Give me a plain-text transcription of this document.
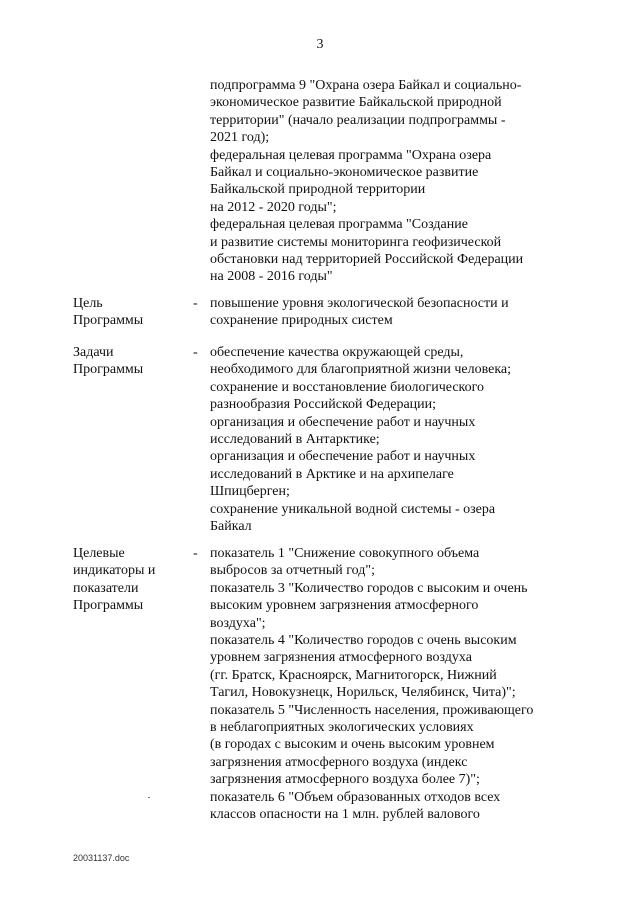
3
подпрограмма 9 "Охрана озера Байкал и социально-
экономическое развитие Байкальской природной
территории" (начало реализации подпрограммы -
2021 год);
федеральная целевая программа "Охрана озера
Байкал и социально-экономическое развитие
Байкальской природной территории
на 2012 - 2020 годы";
федеральная целевая программа "Создание
и развитие системы мониторинга геофизической
обстановки над территорией Российской Федерации
на 2008 - 2016 годы"
Цель
Программы
- повышение уровня экологической безопасности и
сохранение природных систем
Задачи
Программы
- обеспечение качества окружающей среды,
необходимого для благоприятной жизни человека;
сохранение и восстановление биологического
разнообразия Российской Федерации;
организация и обеспечение работ и научных
исследований в Антарктике;
организация и обеспечение работ и научных
исследований в Арктике и на архипелаге
Шпицберген;
сохранение уникальной водной системы - озера
Байкал
Целевые
индикаторы и
показатели
Программы
- показатель 1 "Снижение совокупного объема
выбросов за отчетный год";
показатель 3 "Количество городов с высоким и очень
высоким уровнем загрязнения атмосферного
воздуха";
показатель 4 "Количество городов с очень высоким
уровнем загрязнения атмосферного воздуха
(гг. Братск, Красноярск, Магнитогорск, Нижний
Тагил, Новокузнецк, Норильск, Челябинск, Чита)";
показатель 5 "Численность населения, проживающего
в неблагоприятных экологических условиях
(в городах с высоким и очень высоким уровнем
загрязнения атмосферного воздуха (индекс
загрязнения атмосферного воздуха более 7)";
показатель 6 "Объем образованных отходов всех
классов опасности на 1 млн. рублей валового
20031137.doc
